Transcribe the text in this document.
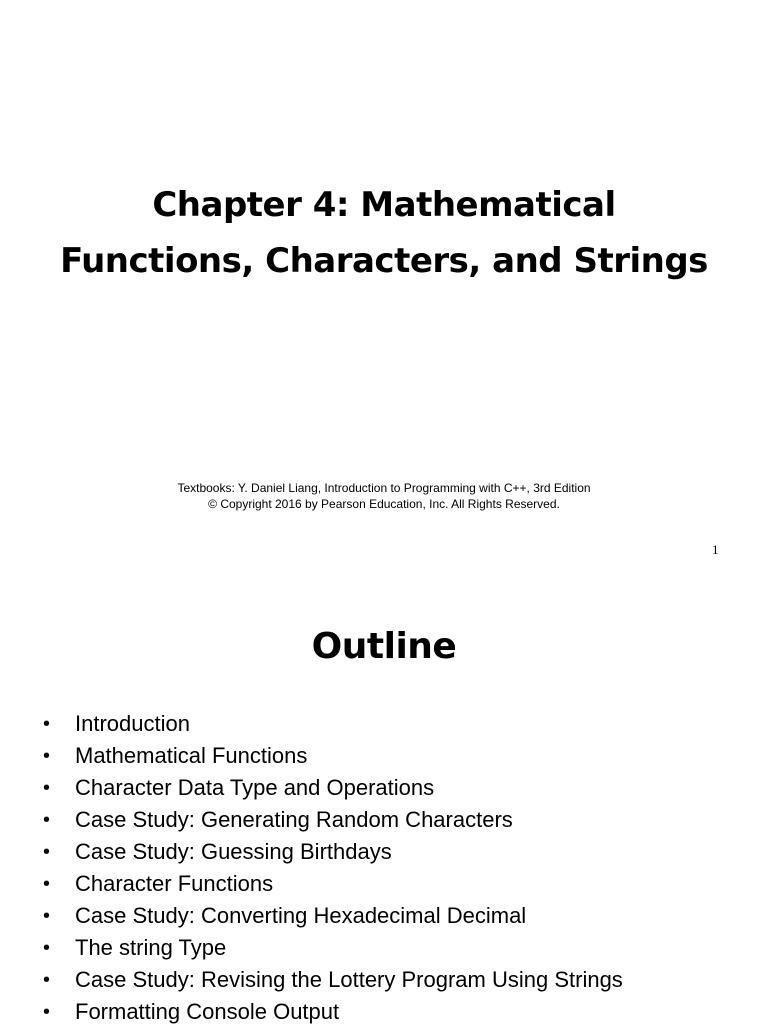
Chapter 4: Mathematical
Functions, Characters, and Strings
Textbooks: Y. Daniel Liang, Introduction to Programming with C++, 3rd Edition
© Copyright 2016 by Pearson Education, Inc. All Rights Reserved.
1
Outline
• Introduction
• Mathematical Functions
• Character Data Type and Operations
• Case Study: Generating Random Characters
• Case Study: Guessing Birthdays
• Character Functions
• Case Study: Converting Hexadecimal Decimal
• The string Type
• Case Study: Revising the Lottery Program Using Strings
• Formatting Console Output
